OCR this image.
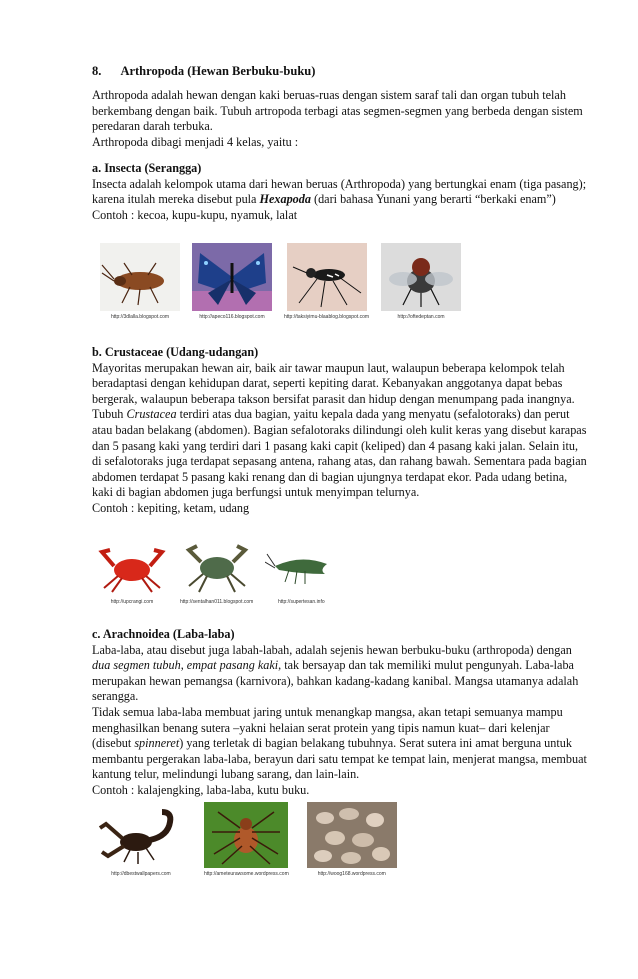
8. Arthropoda (Hewan Berbuku-buku)

Arthropoda adalah hewan dengan kaki beruas-ruas dengan sistem saraf tali dan organ tubuh telah berkembang dengan baik. Tubuh artropoda terbagi atas segmen-segmen yang berbeda dengan sistem peredaran darah terbuka.

Arthropoda dibagi menjadi 4 kelas, yaitu :

a. Insecta (Serangga)

Insecta adalah kelompok utama dari hewan beruas (Arthropoda) yang bertungkai enam (tiga pasang); karena itulah mereka disebut pula Hexapoda (dari bahasa Yunani yang berarti “berkaki enam”)

Contoh : kecoa, kupu-kupu, nyamuk, lalat

http://3dlalla.blogspot.com	http://apeco116.blogspot.com	http://taksiyimu-blaablog.blogspot.com	http://oftedeptan.com

b. Crustaceae (Udang-udangan)

Mayoritas merupakan hewan air, baik air tawar maupun laut, walaupun beberapa kelompok telah beradaptasi dengan kehidupan darat, seperti kepiting darat. Kebanyakan anggotanya dapat bebas bergerak, walaupun beberapa takson bersifat parasit dan hidup dengan menumpang pada inangnya.

Tubuh Crustacea terdiri atas dua bagian, yaitu kepala dada yang menyatu (sefalotoraks) dan perut atau badan belakang (abdomen). Bagian sefalotoraks dilindungi oleh kulit keras yang disebut karapas dan 5 pasang kaki yang terdiri dari 1 pasang kaki capit (keliped) dan 4 pasang kaki jalan. Selain itu, di sefalotoraks juga terdapat sepasang antena, rahang atas, dan rahang bawah. Sementara pada bagian abdomen terdapat 5 pasang kaki renang dan di bagian ujungnya terdapat ekor. Pada udang betina, kaki di bagian abdomen juga berfungsi untuk menyimpan telurnya.

Contoh : kepiting, ketam, udang

http://upcrangi.com	http://sentalhan011.blogspot.com	http://supertesan.info

c. Arachnoidea (Laba-laba)

Laba-laba, atau disebut juga labah-labah, adalah sejenis hewan berbuku-buku (arthropoda) dengan dua segmen tubuh, empat pasang kaki, tak bersayap dan tak memiliki mulut pengunyah. Laba-laba merupakan hewan pemangsa (karnivora), bahkan kadang-kadang kanibal. Mangsa utamanya adalah serangga.

Tidak semua laba-laba membuat jaring untuk menangkap mangsa, akan tetapi semuanya mampu menghasilkan benang sutera –yakni helaian serat protein yang tipis namun kuat– dari kelenjar (disebut spinneret) yang terletak di bagian belakang tubuhnya. Serat sutera ini amat berguna untuk membantu pergerakan laba-laba, berayun dari satu tempat ke tempat lain, menjerat mangsa, membuat kantung telur, melindungi lubang sarang, dan lain-lain.

Contoh : kalajengking, laba-laba, kutu buku.

http://dbestwallpapers.com	http://ameteurawsome.wordpress.com	http://woog168.wordpress.com
